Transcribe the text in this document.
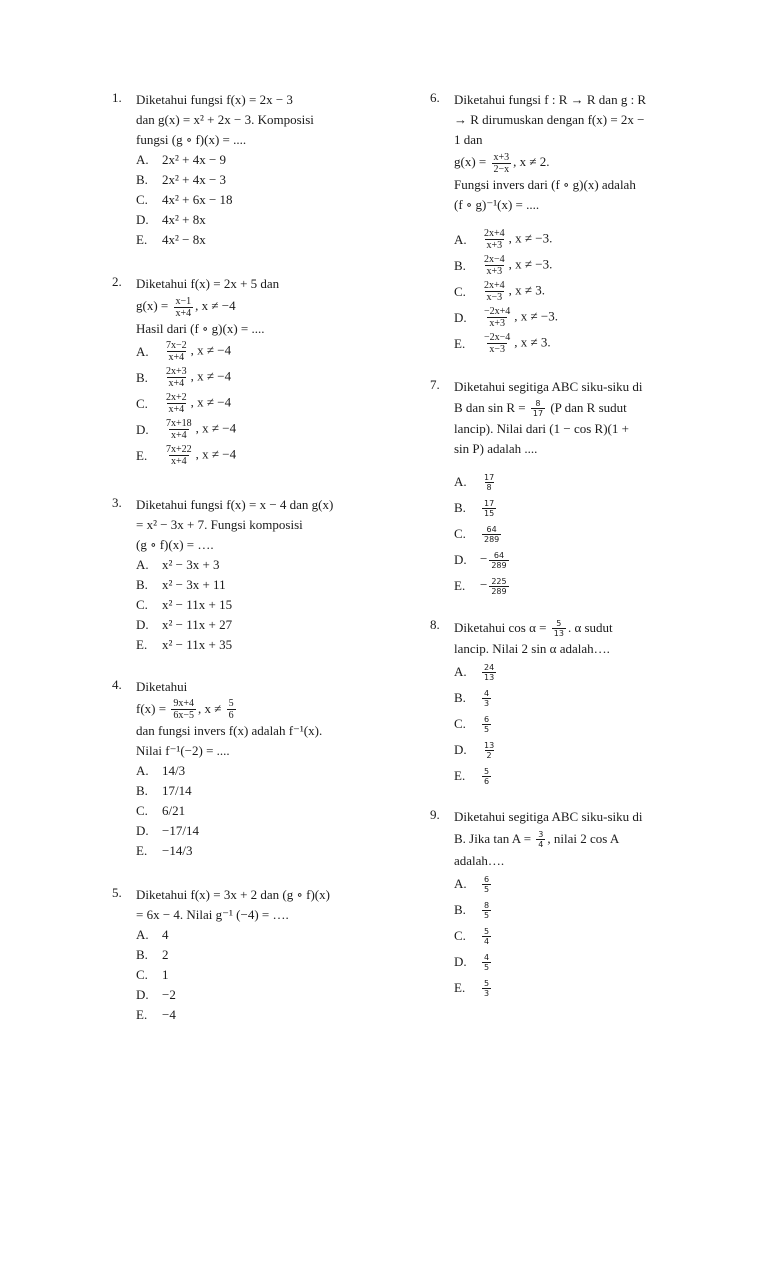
1.	Diketahui fungsi f(x) = 2x − 3
dan g(x) = x² + 2x − 3. Komposisi
fungsi (g ∘ f)(x) = ....
A.	2x² + 4x − 9
B.	2x² + 4x − 3
C.	4x² + 6x − 18
D.	4x² + 8x
E.	4x² − 8x
2.	Diketahui f(x) = 2x + 5 dan
$g(x) = \frac{x-1}{x+4}$ , x ≠ −4
Hasil dari (f ∘ g)(x) = ....
A.	$\frac{7x-2}{x+4}$ , x ≠ −4
B.	$\frac{2x+3}{x+4}$ , x ≠ −4
C.	$\frac{2x+2}{x+4}$ , x ≠ −4
D.	$\frac{7x+18}{x+4}$ , x ≠ −4
E.	$\frac{7x+22}{x+4}$ , x ≠ −4
3.	Diketahui fungsi f(x) = x − 4 dan g(x)
= x² − 3x + 7. Fungsi komposisi
(g ∘ f)(x) = ….
A.	x² − 3x + 3
B.	x² − 3x + 11
C.	x² − 11x + 15
D.	x² − 11x + 27
E.	x² − 11x + 35
4.	Diketahui
$f(x) = \frac{9x+4}{6x-5}$ , $x \ne \frac{5}{6}$
dan fungsi invers f(x) adalah f⁻¹(x).
Nilai f⁻¹(−2) = ....
A.	14/3
B.	17/14
C.	6/21
D.	−17/14
E.	−14/3
5.	Diketahui f(x) = 3x + 2 dan (g ∘ f)(x)
= 6x − 4. Nilai g⁻¹ (−4) = ….
A.	4
B.	2
C.	1
D.	−2
E.	−4
6.	Diketahui fungsi f : R → R dan g : R
→ R dirumuskan dengan f(x) = 2x −
1 dan
$g(x) = \frac{x+3}{2-x}$ , x ≠ 2.
Fungsi invers dari (f ∘ g)(x) adalah
(f ∘ g)⁻¹(x) = ....
A.	$\frac{2x+4}{x+3}$ , x ≠ −3.
B.	$\frac{2x-4}{x+3}$ , x ≠ −3.
C.	$\frac{2x+4}{x-3}$ , x ≠ 3.
D.	$\frac{-2x+4}{x+3}$ , x ≠ −3.
E.	$\frac{-2x-4}{x-3}$ , x ≠ 3.
7.	Diketahui segitiga ABC siku-siku di
B dan $\sin R = \frac{8}{17} (P$ dan R sudut
lancip). Nilai dari (1 − cos R)(1 +
sin P) adalah ....
A.	$\frac{17}{8}$
B.	$\frac{17}{15}$
C.	$\frac{64}{289}$
D.	− $\frac{64}{289}$
E.	− $\frac{225}{289}$
8.	Diketahui $\cos \alpha = \frac{5}{13}$ . α sudut
lancip. Nilai 2 sin α adalah….
A.	$\frac{24}{13}$
B.	$\frac{4}{3}$
C.	$\frac{6}{5}$
D.	$\frac{13}{2}$
E.	$\frac{5}{6}$
9.	Diketahui segitiga ABC siku-siku di
B. Jika $\tan A = \frac{3}{4}$ , nilai 2 cos A
adalah….
A.	$\frac{6}{5}$
B.	$\frac{8}{5}$
C.	$\frac{5}{4}$
D.	$\frac{4}{5}$
E.	$\frac{5}{3}$
